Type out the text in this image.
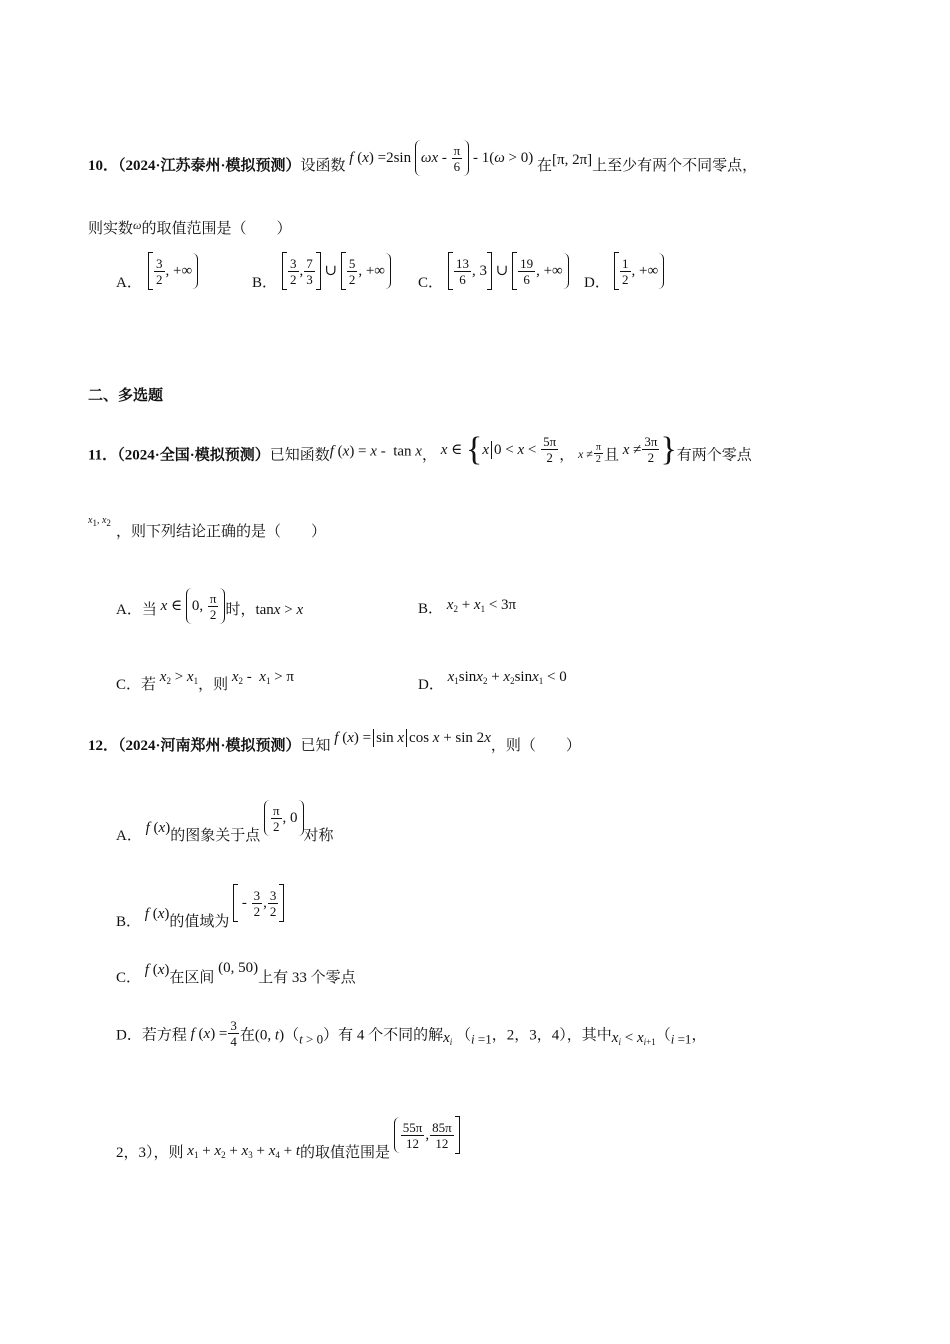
10．（2024·江苏泰州·模拟预测）设函数 f ( x ) =2sin ω x - $\frac{\pi}{6} - 1$( ω > 0) 在[π, 2π]上至少有两个不同零点，
则实数$^\omega$的取值范围是（　　）
A． $\frac{3}{2}$ , +∞
B． $\frac{3}{2}$ , $\frac{7}{3}$ ∪ $\frac{5}{2}$ , +∞
C． $\frac{13}{6}$ , 3
∪ $\frac{19}{6}$ , +∞
D． $\frac{1}{2}$ , +∞
二、多选题
11．（2024·全国·模拟预测）已知函数f (x) = x -  tan x， x ∈ { x $0 < x < \frac{5\pi}{2}$ ， $x \ne \frac{\pi}{2}$ 且 $x \ne \frac{3\pi}{2}$ } 有两个零点
$^{x1, x2}$
，则下列结论正确的是（　　）
A．当 x ∈
0, $\frac{\pi}{2}$ 时，tanx > x	B． $x_2 + x_1 < 3\pi$
C．若 $x_2 > x_1$，则 $x_2 - x_1 > \pi$	D． $x_1\sin x_2 + x_2\sin x_1 < 0$
12．（2024·河南郑州·模拟预测）已知 f ( x ) = sin x cos x + sin 2 x ，则（　　）
A． f (x)的图象关于点
$\frac{\pi}{2}$ , 0
对称
B． f (x)的值域为
- $\frac{3}{2}$ , $\frac{3}{2}$
C． f (x)在区间 (0, 50)上有 33 个零点
D．若方程 f ( x ) = $\frac{3}{4}$ 在(0, t)（t > 0）有 4 个不同的解$x_i$ （i =1，2，3，4），其中$x_i < x_{i+1}(i =1$，
2，3），则 $x_1 + x_2 + x_3 + x_4 + t$的取值范围是
$\frac{55\pi}{12}$ , $\frac{85\pi}{12}$
